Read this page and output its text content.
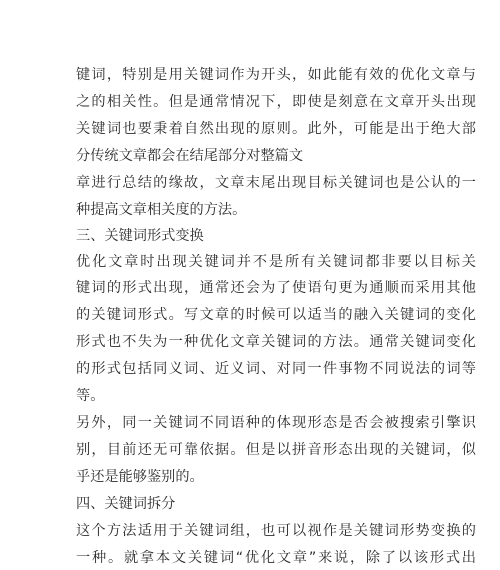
键词，特别是用关键词作为开头，如此能有效的优化文章与
之的相关性。但是通常情况下，即使是刻意在文章开头出现
关键词也要秉着自然出现的原则。此外，可能是出于绝大部
分传统文章都会在结尾部分对整篇文
章进行总结的缘故，文章末尾出现目标关键词也是公认的一
种提高文章相关度的方法。
三、关键词形式变换
优化文章时出现关键词并不是所有关键词都非要以目标关
键词的形式出现，通常还会为了使语句更为通顺而采用其他
的关键词形式。写文章的时候可以适当的融入关键词的变化
形式也不失为一种优化文章关键词的方法。通常关键词变化
的形式包括同义词、近义词、对同一件事物不同说法的词等
等。
另外，同一关键词不同语种的体现形态是否会被搜索引擎识
别，目前还无可靠依据。但是以拼音形态出现的关键词，似
乎还是能够鉴别的。
四、关键词拆分
这个方法适用于关键词组，也可以视作是关键词形势变换的
一种。就拿本文关键词“优化文章”来说，除了以该形式出
